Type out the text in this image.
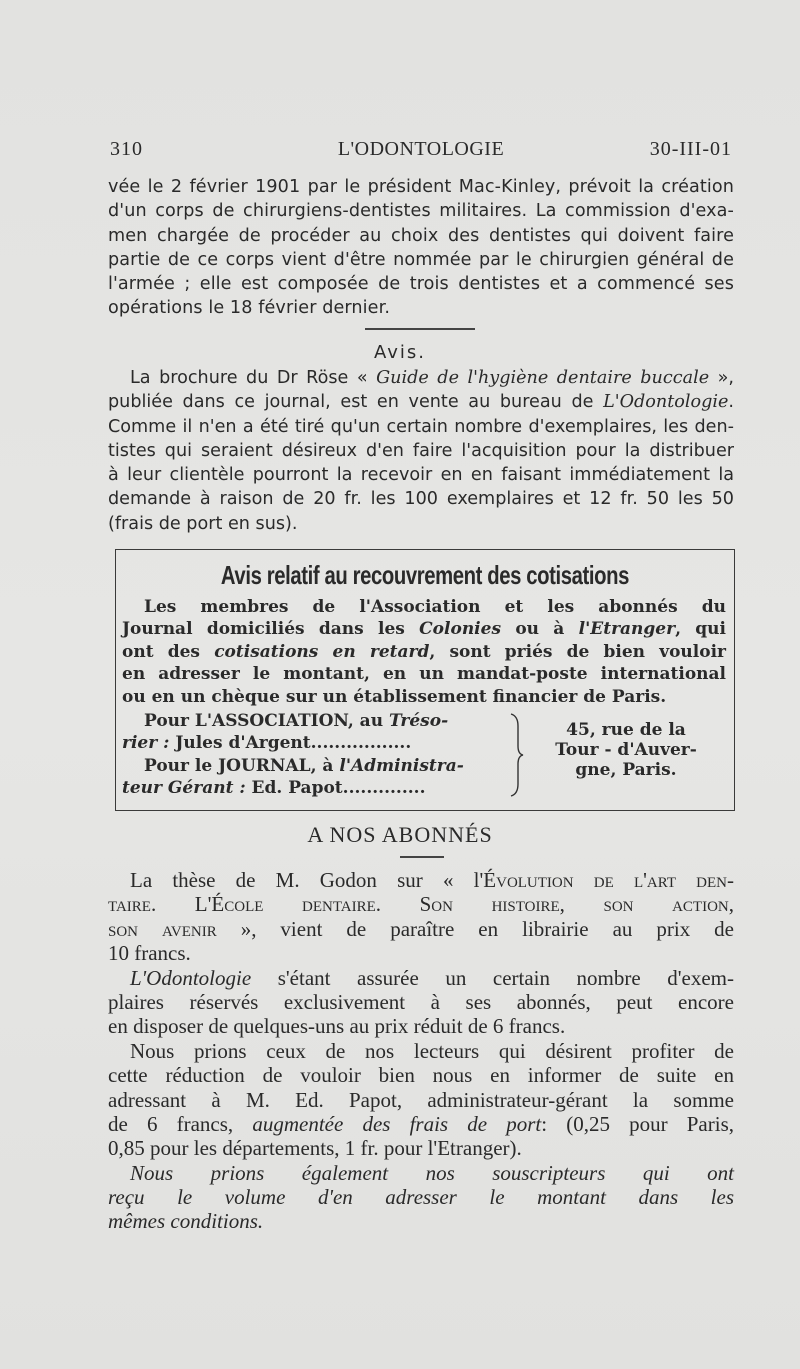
310	L'ODONTOLOGIE	30-III-01
vée le 2 février 1901 par le président Mac-Kinley, prévoit la création
d'un corps de chirurgiens-dentistes militaires. La commission d'exa-
men chargée de procéder au choix des dentistes qui doivent faire
partie de ce corps vient d'être nommée par le chirurgien général de
l'armée ; elle est composée de trois dentistes et a commencé ses
opérations le 18 février dernier.
Avis.
La brochure du Dr Röse « Guide de l'hygiène dentaire buccale »,
publiée dans ce journal, est en vente au bureau de L'Odontologie.
Comme il n'en a été tiré qu'un certain nombre d'exemplaires, les den-
tistes qui seraient désireux d'en faire l'acquisition pour la distribuer
à leur clientèle pourront la recevoir en en faisant immédiatement la
demande à raison de 20 fr. les 100 exemplaires et 12 fr. 50 les 50
(frais de port en sus).
Avis relatif au recouvrement des cotisations
Les membres de l'Association et les abonnés du
Journal domiciliés dans les Colonies ou à l'Etranger, qui
ont des cotisations en retard, sont priés de bien vouloir
en adresser le montant, en un mandat-poste international
ou en un chèque sur un établissement financier de Paris.
Pour L'ASSOCIATION, au Tréso-
rier : Jules d'Argent.................
Pour le JOURNAL, à l'Administra-
teur Gérant : Ed. Papot..............
45, rue de la
Tour - d'Auver-
gne, Paris.
A NOS ABONNÉS
La thèse de M. Godon sur « l'Évolution de l'art den-
taire. L'École dentaire. Son histoire, son action,
son avenir », vient de paraître en librairie au prix de
10 francs.
L'Odontologie s'étant assurée un certain nombre d'exem-
plaires réservés exclusivement à ses abonnés, peut encore
en disposer de quelques-uns au prix réduit de 6 francs.
Nous prions ceux de nos lecteurs qui désirent profiter de
cette réduction de vouloir bien nous en informer de suite en
adressant à M. Ed. Papot, administrateur-gérant la somme
de 6 francs, augmentée des frais de port: (0,25 pour Paris,
0,85 pour les départements, 1 fr. pour l'Etranger).
Nous prions également nos souscripteurs qui ont
reçu le volume d'en adresser le montant dans les
mêmes conditions.
